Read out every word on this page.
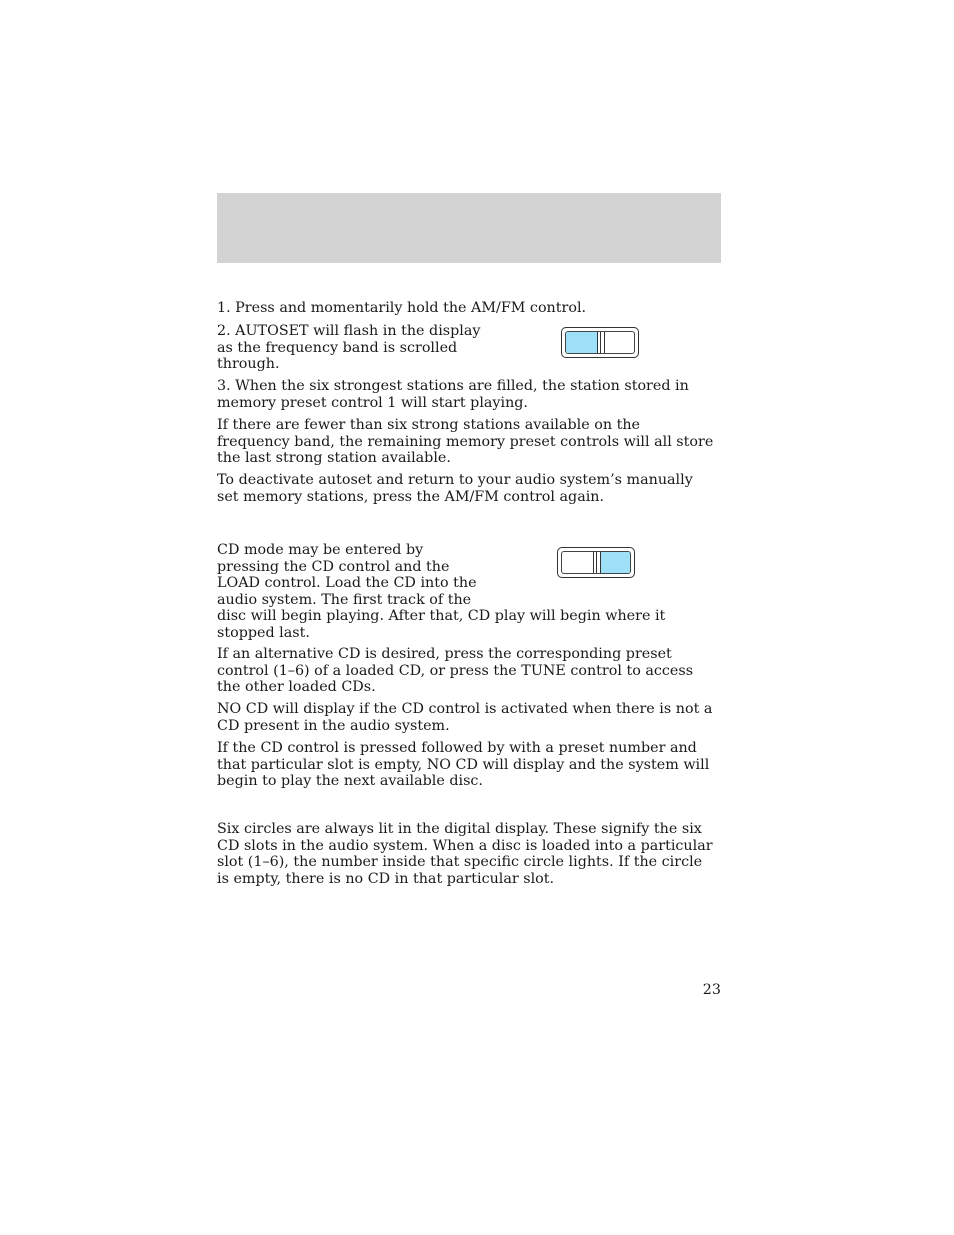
1. Press and momentarily hold the AM/FM control.

2. AUTOSET will flash in the display as the frequency band is scrolled through.

3. When the six strongest stations are filled, the station stored in memory preset control 1 will start playing.

If there are fewer than six strong stations available on the frequency band, the remaining memory preset controls will all store the last strong station available.

To deactivate autoset and return to your audio system’s manually set memory stations, press the AM/FM control again.

CD mode may be entered by
pressing the CD control and the
LOAD control. Load the CD into the
audio system. The first track of the
disc will begin playing. After that, CD play will begin where it stopped last.

If an alternative CD is desired, press the corresponding preset control (1–6) of a loaded CD, or press the TUNE control to access the other loaded CDs.

NO CD will display if the CD control is activated when there is not a CD present in the audio system.

If the CD control is pressed followed by with a preset number and that particular slot is empty, NO CD will display and the system will begin to play the next available disc.

Six circles are always lit in the digital display. These signify the six CD slots in the audio system. When a disc is loaded into a particular slot (1–6), the number inside that specific circle lights. If the circle is empty, there is no CD in that particular slot.

23
